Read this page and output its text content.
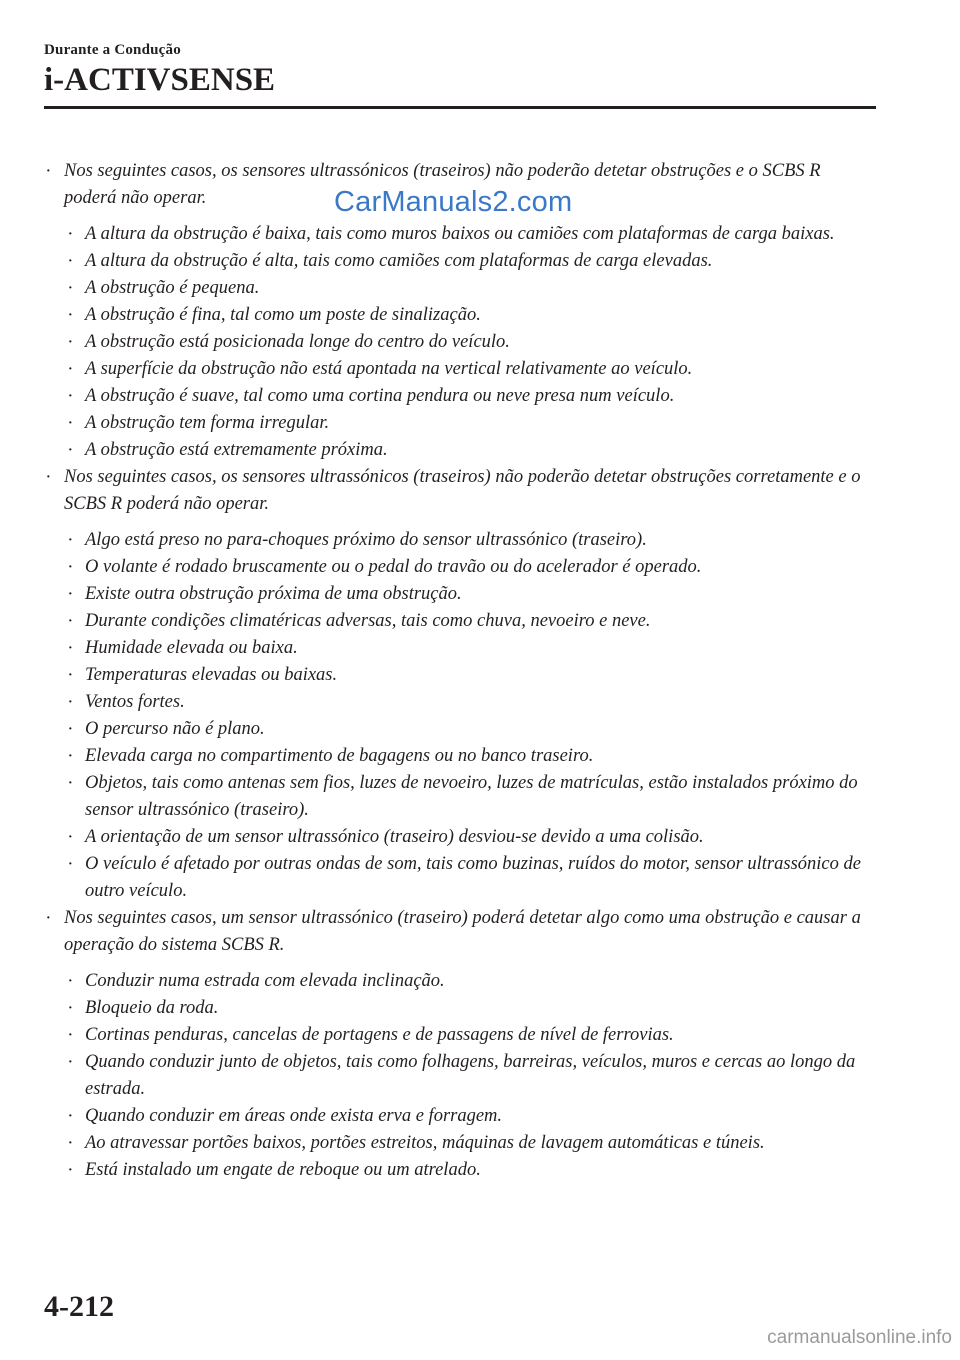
Durante a Condução
i-ACTIVSENSE
· Nos seguintes casos, os sensores ultrassónicos (traseiros) não poderão detetar obstruções e o SCBS R poderá não operar.
· A altura da obstrução é baixa, tais como muros baixos ou camiões com plataformas de carga baixas.
· A altura da obstrução é alta, tais como camiões com plataformas de carga elevadas.
· A obstrução é pequena.
· A obstrução é fina, tal como um poste de sinalização.
· A obstrução está posicionada longe do centro do veículo.
· A superfície da obstrução não está apontada na vertical relativamente ao veículo.
· A obstrução é suave, tal como uma cortina pendura ou neve presa num veículo.
· A obstrução tem forma irregular.
· A obstrução está extremamente próxima.
· Nos seguintes casos, os sensores ultrassónicos (traseiros) não poderão detetar obstruções corretamente e o SCBS R poderá não operar.
· Algo está preso no para-choques próximo do sensor ultrassónico (traseiro).
· O volante é rodado bruscamente ou o pedal do travão ou do acelerador é operado.
· Existe outra obstrução próxima de uma obstrução.
· Durante condições climatéricas adversas, tais como chuva, nevoeiro e neve.
· Humidade elevada ou baixa.
· Temperaturas elevadas ou baixas.
· Ventos fortes.
· O percurso não é plano.
· Elevada carga no compartimento de bagagens ou no banco traseiro.
· Objetos, tais como antenas sem fios, luzes de nevoeiro, luzes de matrículas, estão instalados próximo do sensor ultrassónico (traseiro).
· A orientação de um sensor ultrassónico (traseiro) desviou-se devido a uma colisão.
· O veículo é afetado por outras ondas de som, tais como buzinas, ruídos do motor, sensor ultrassónico de outro veículo.
· Nos seguintes casos, um sensor ultrassónico (traseiro) poderá detetar algo como uma obstrução e causar a operação do sistema SCBS R.
· Conduzir numa estrada com elevada inclinação.
· Bloqueio da roda.
· Cortinas penduras, cancelas de portagens e de passagens de nível de ferrovias.
· Quando conduzir junto de objetos, tais como folhagens, barreiras, veículos, muros e cercas ao longo da estrada.
· Quando conduzir em áreas onde exista erva e forragem.
· Ao atravessar portões baixos, portões estreitos, máquinas de lavagem automáticas e túneis.
· Está instalado um engate de reboque ou um atrelado.
CarManuals2.com
4-212
carmanualsonline.info
